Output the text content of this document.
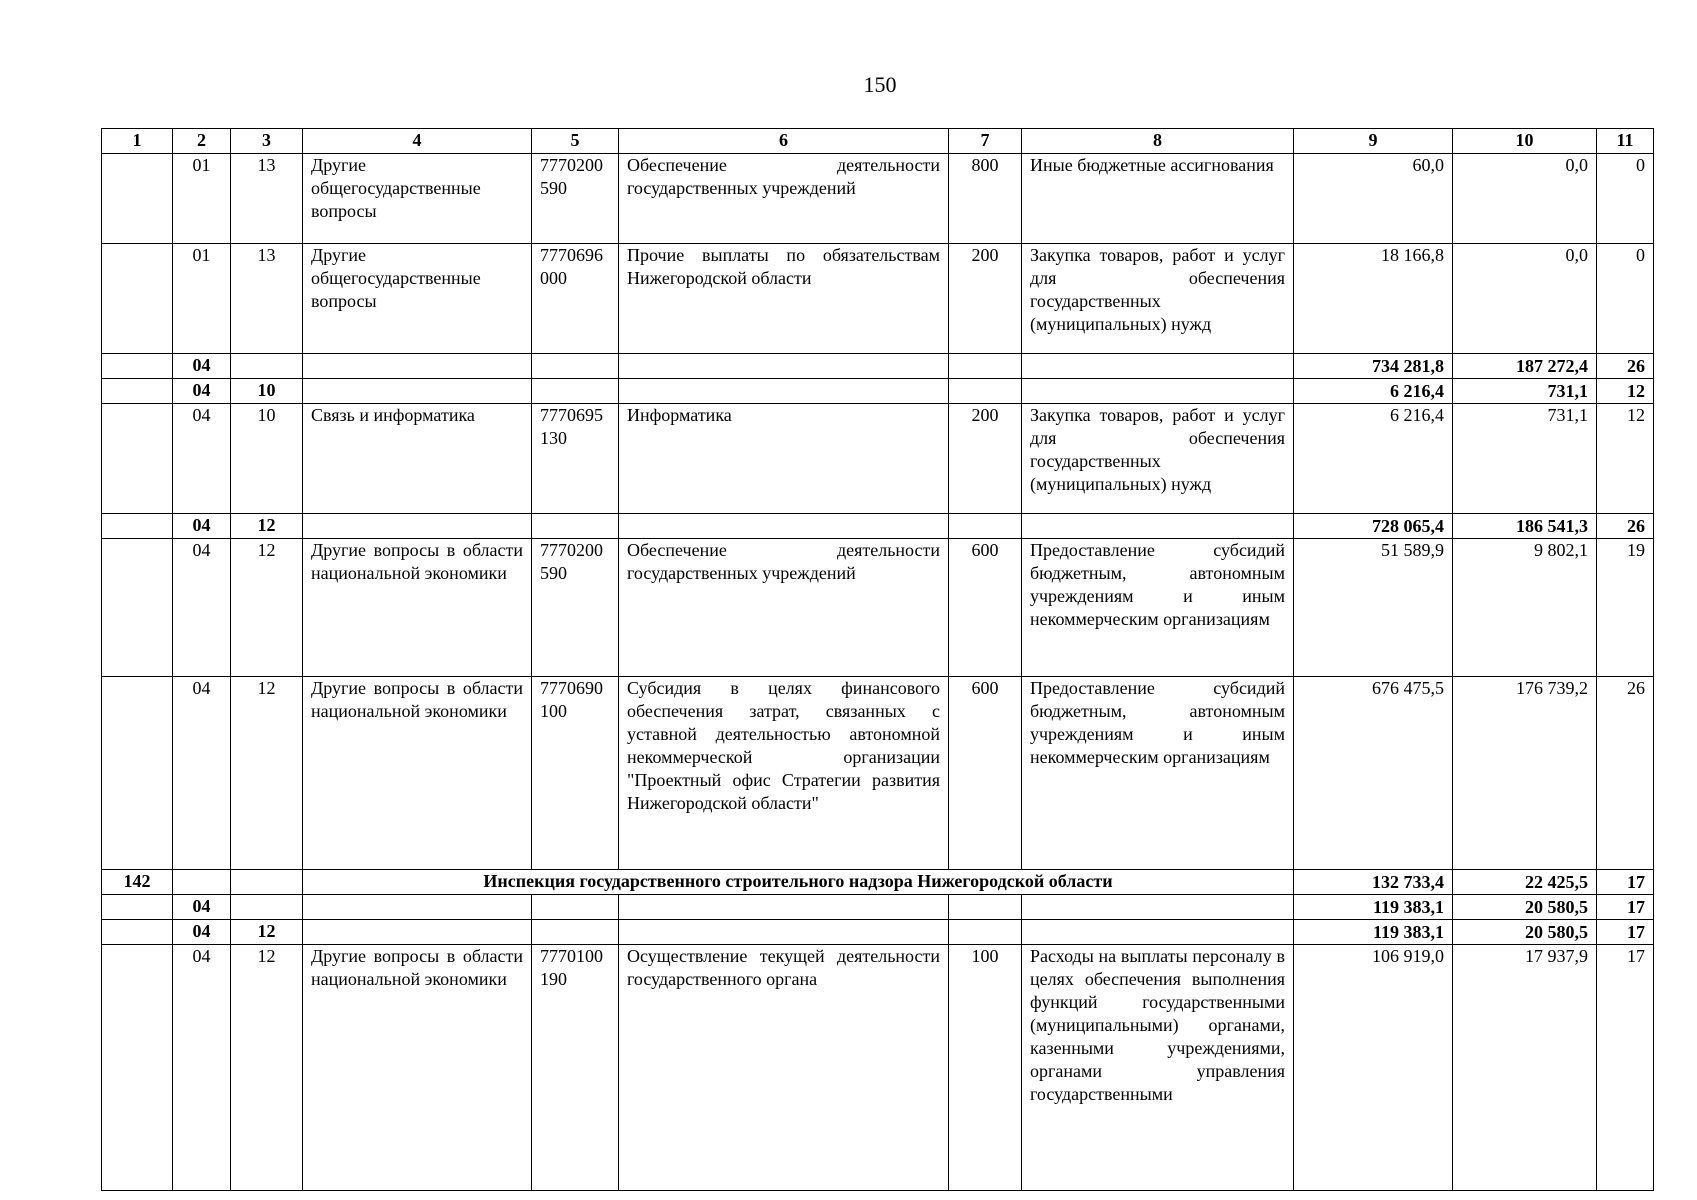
150
1	2	3	4	5	6	7	8	9	10	11
	01	13	Другие общегосударственные вопросы	7770200590	Обеспечение деятельности государственных учреждений	800	Иные бюджетные ассигнования	60,0	0,0	0
	01	13	Другие общегосударственные вопросы	7770696000	Прочие выплаты по обязательствам Нижегородской области	200	Закупка товаров, работ и услуг для обеспечения государственных (муниципальных) нужд	18 166,8	0,0	0
	04							734 281,8	187 272,4	26
	04	10						6 216,4	731,1	12
	04	10	Связь и информатика	7770695130	Информатика	200	Закупка товаров, работ и услуг для обеспечения государственных (муниципальных) нужд	6 216,4	731,1	12
	04	12						728 065,4	186 541,3	26
	04	12	Другие вопросы в области национальной экономики	7770200590	Обеспечение деятельности государственных учреждений	600	Предоставление субсидий бюджетным, автономным учреждениям и иным некоммерческим организациям	51 589,9	9 802,1	19
	04	12	Другие вопросы в области национальной экономики	7770690100	Субсидия в целях финансового обеспечения затрат, связанных с уставной деятельностью автономной некоммерческой организации "Проектный офис Стратегии развития Нижегородской области"	600	Предоставление субсидий бюджетным, автономным учреждениям и иным некоммерческим организациям	676 475,5	176 739,2	26
142			Инспекция государственного строительного надзора Нижегородской области					132 733,4	22 425,5	17
	04							119 383,1	20 580,5	17
	04	12						119 383,1	20 580,5	17
	04	12	Другие вопросы в области национальной экономики	7770100190	Осуществление текущей деятельности государственного органа	100	Расходы на выплаты персоналу в целях обеспечения выполнения функций государственными (муниципальными) органами, казенными учреждениями, органами управления государственными	106 919,0	17 937,9	17
